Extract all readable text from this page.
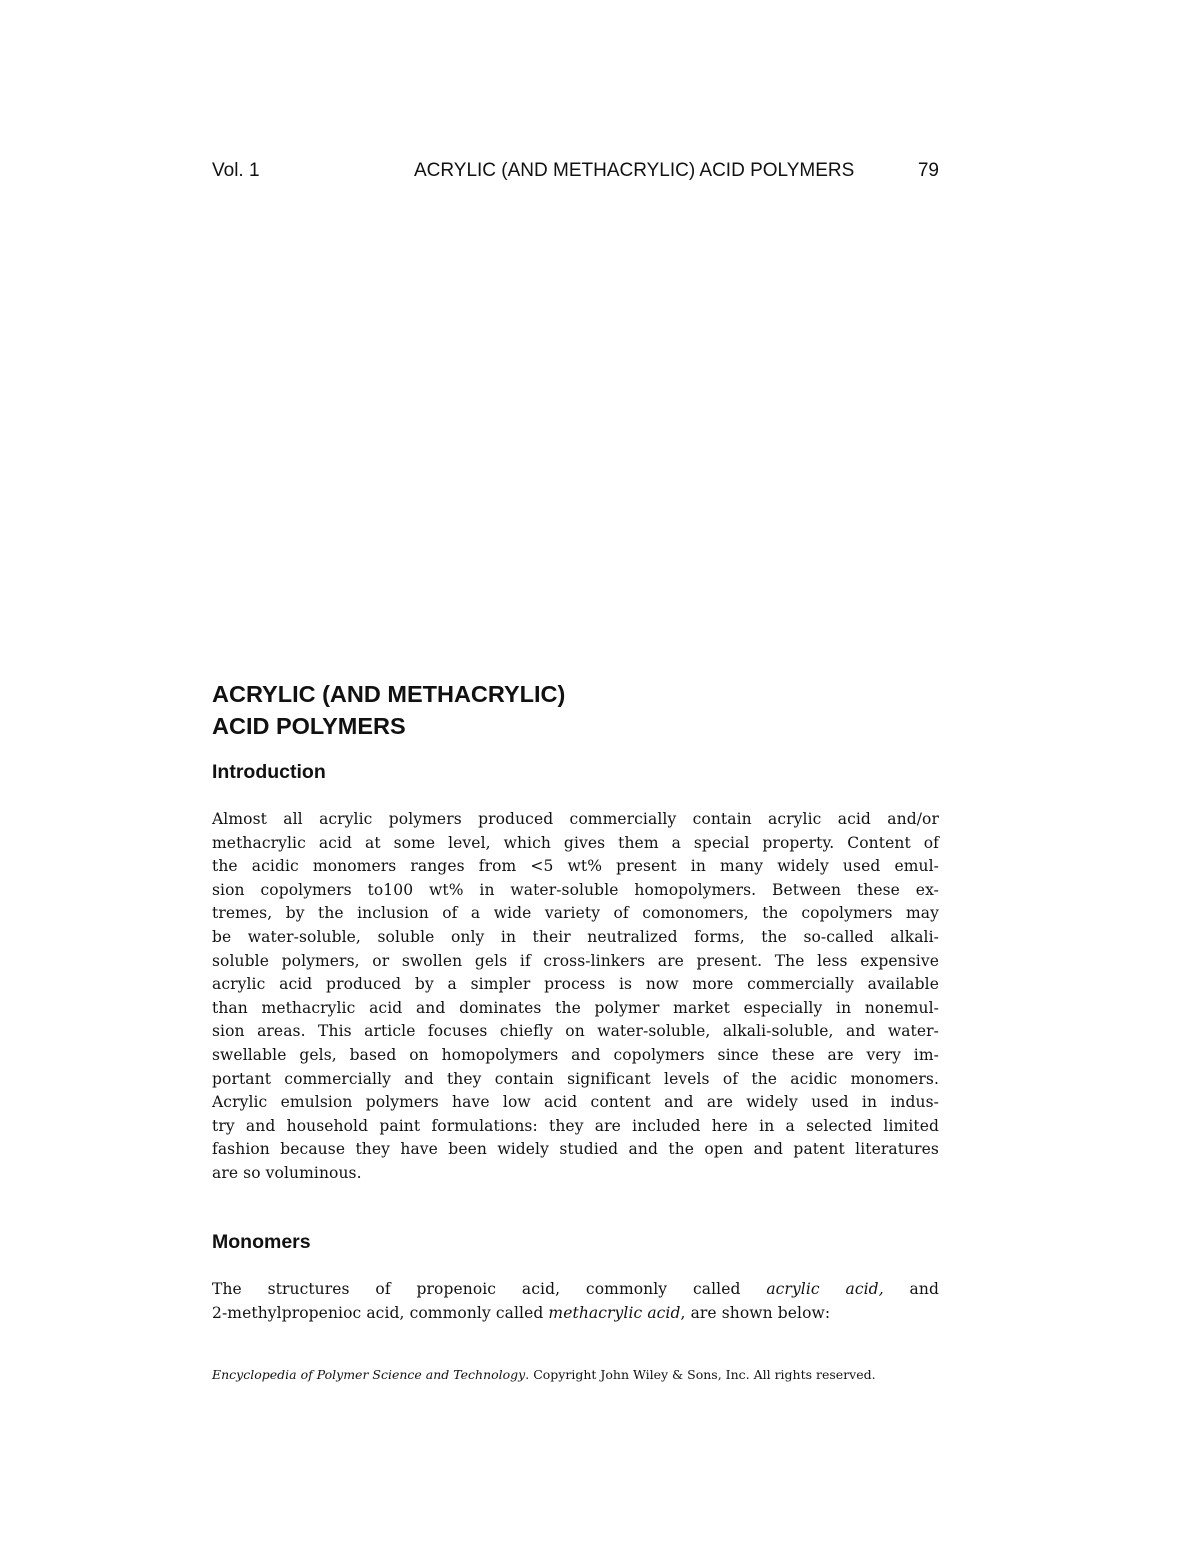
Vol. 1	ACRYLIC (AND METHACRYLIC) ACID POLYMERS	79
ACRYLIC (AND METHACRYLIC)
ACID POLYMERS
Introduction
Almost all acrylic polymers produced commercially contain acrylic acid and/or
methacrylic acid at some level, which gives them a special property. Content of
the acidic monomers ranges from <5 wt% present in many widely used emul-
sion copolymers to100 wt% in water-soluble homopolymers. Between these ex-
tremes, by the inclusion of a wide variety of comonomers, the copolymers may
be water-soluble, soluble only in their neutralized forms, the so-called alkali-
soluble polymers, or swollen gels if cross-linkers are present. The less expensive
acrylic acid produced by a simpler process is now more commercially available
than methacrylic acid and dominates the polymer market especially in nonemul-
sion areas. This article focuses chiefly on water-soluble, alkali-soluble, and water-
swellable gels, based on homopolymers and copolymers since these are very im-
portant commercially and they contain significant levels of the acidic monomers.
Acrylic emulsion polymers have low acid content and are widely used in indus-
try and household paint formulations: they are included here in a selected limited
fashion because they have been widely studied and the open and patent literatures
are so voluminous.
Monomers
The structures of propenoic acid, commonly called acrylic acid, and
2-methylpropenioc acid, commonly called methacrylic acid, are shown below:

Encyclopedia of Polymer Science and Technology. Copyright John Wiley & Sons, Inc. All rights reserved.
